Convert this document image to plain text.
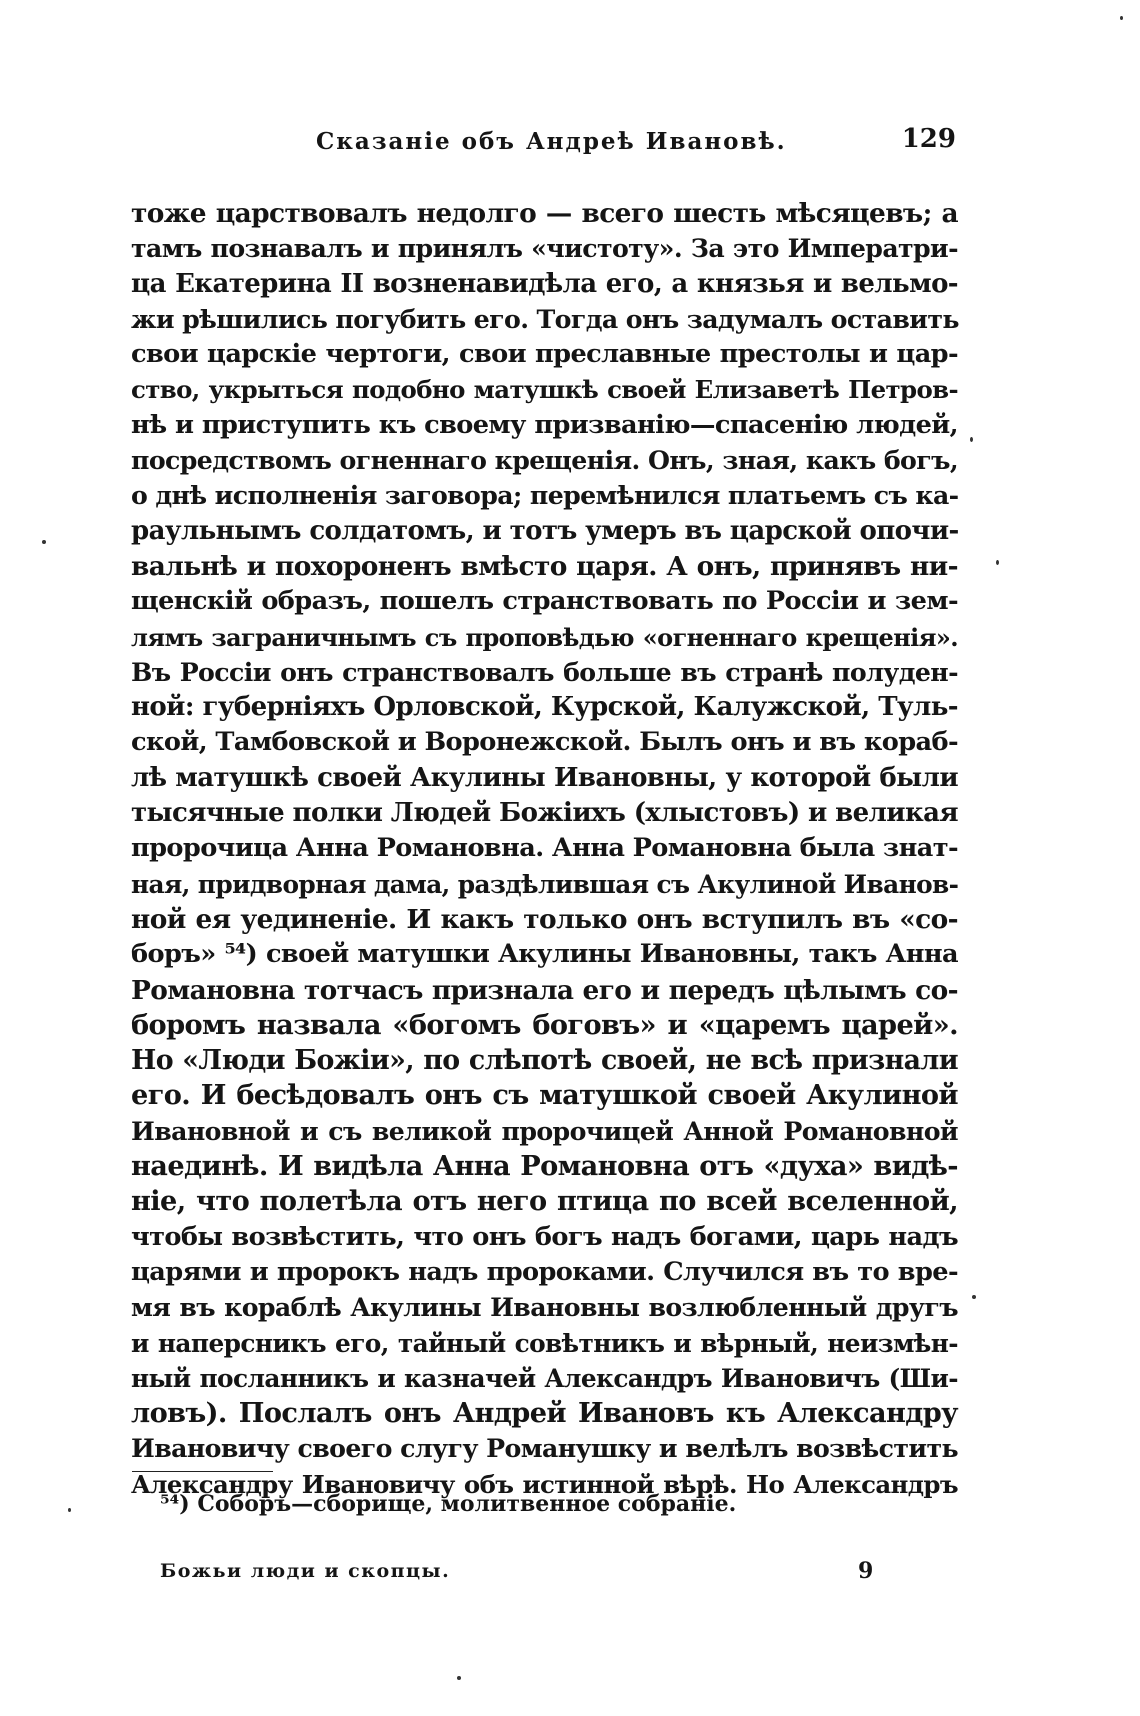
Сказаніе объ Андреѣ Ивановѣ.	129
тоже царствовалъ недолго — всего шесть мѣсяцевъ; а
тамъ познавалъ и принялъ «чистоту». За это Императри-
ца Екатерина II возненавидѣла его, а князья и вельмо-
жи рѣшились погубить его. Тогда онъ задумалъ оставить
свои царскіе чертоги, свои преславные престолы и цар-
ство, укрыться подобно матушкѣ своей Елизаветѣ Петров-
нѣ и приступить къ своему призванію—спасенію людей,
посредствомъ огненнаго крещенія. Онъ, зная, какъ богъ,
о днѣ исполненія заговора; перемѣнился платьемъ съ ка-
раульнымъ солдатомъ, и тотъ умеръ въ царской опочи-
вальнѣ и похороненъ вмѣсто царя. А онъ, принявъ ни-
щенскій образъ, пошелъ странствовать по Россіи и зем-
лямъ заграничнымъ съ проповѣдью «огненнаго крещенія».
Въ Россіи онъ странствовалъ больше въ странѣ полуден-
ной: губерніяхъ Орловской, Курской, Калужской, Туль-
ской, Тамбовской и Воронежской. Былъ онъ и въ кораб-
лѣ матушкѣ своей Акулины Ивановны, у которой были
тысячные полки Людей Божіихъ (хлыстовъ) и великая
пророчица Анна Романовна. Анна Романовна была знат-
ная, придворная дама, раздѣлившая съ Акулиной Иванов-
ной ея уединеніе. И какъ только онъ вступилъ въ «со-
боръ» ⁵⁴) своей матушки Акулины Ивановны, такъ Анна
Романовна тотчасъ признала его и передъ цѣлымъ со-
боромъ назвала «богомъ боговъ» и «царемъ царей».
Но «Люди Божіи», по слѣпотѣ своей, не всѣ признали
его. И бесѣдовалъ онъ съ матушкой своей Акулиной
Ивановной и съ великой пророчицей Анной Романовной
наединѣ. И видѣла Анна Романовна отъ «духа» видѣ-
ніе, что полетѣла отъ него птица по всей вселенной,
чтобы возвѣстить, что онъ богъ надъ богами, царь надъ
царями и пророкъ надъ пророками. Случился въ то вре-
мя въ кораблѣ Акулины Ивановны возлюбленный другъ
и наперсникъ его, тайный совѣтникъ и вѣрный, неизмѣн-
ный посланникъ и казначей Александръ Ивановичъ (Ши-
ловъ). Послалъ онъ Андрей Ивановъ къ Александру
Ивановичу своего слугу Романушку и велѣлъ возвѣстить
Александру Ивановичу объ истинной вѣрѣ. Но Александръ
⁵⁴) Соборъ—сборище, молитвенное собраніе.
Божьи люди и скопцы.	9
